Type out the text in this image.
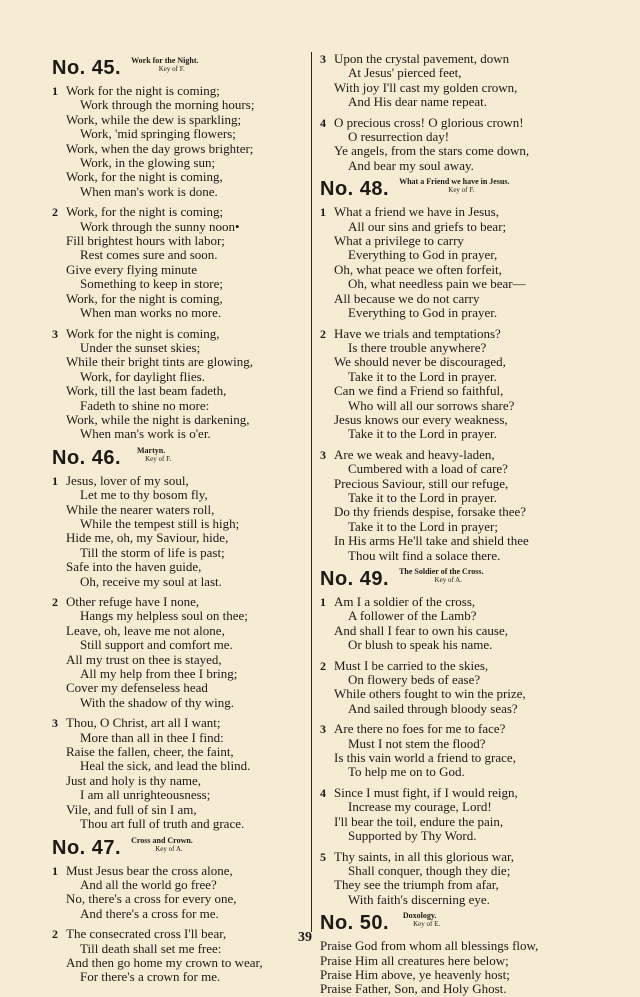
No. 45. Work for the Night.
Key of F.
1 Work for the night is coming;
Work through the morning hours;
Work, while the dew is sparkling;
Work, 'mid springing flowers;
Work, when the day grows brighter;
Work, in the glowing sun;
Work, for the night is coming,
When man's work is done.
2 Work, for the night is coming;
Work through the sunny noon•
Fill brightest hours with labor;
Rest comes sure and soon.
Give every flying minute
Something to keep in store;
Work, for the night is coming,
When man works no more.
3 Work for the night is coming,
Under the sunset skies;
While their bright tints are glowing,
Work, for daylight flies.
Work, till the last beam fadeth,
Fadeth to shine no more:
Work, while the night is darkening,
When man's work is o'er.
No. 46. Martyn.
Key of F.
1 Jesus, lover of my soul,
Let me to thy bosom fly,
While the nearer waters roll,
While the tempest still is high;
Hide me, oh, my Saviour, hide,
Till the storm of life is past;
Safe into the haven guide,
Oh, receive my soul at last.
2 Other refuge have I none,
Hangs my helpless soul on thee;
Leave, oh, leave me not alone,
Still support and comfort me.
All my trust on thee is stayed,
All my help from thee I bring;
Cover my defenseless head
With the shadow of thy wing.
3 Thou, O Christ, art all I want;
More than all in thee I find:
Raise the fallen, cheer, the faint,
Heal the sick, and lead the blind.
Just and holy is thy name,
I am all unrighteousness;
Vile, and full of sin I am,
Thou art full of truth and grace.
No. 47. Cross and Crown.
Key of A.
1 Must Jesus bear the cross alone,
And all the world go free?
No, there's a cross for every one,
And there's a cross for me.
2 The consecrated cross I'll bear,
Till death shall set me free:
And then go home my crown to wear,
For there's a crown for me.
3 Upon the crystal pavement, down
At Jesus' pierced feet,
With joy I'll cast my golden crown,
And His dear name repeat.
4 O precious cross! O glorious crown!
O resurrection day!
Ye angels, from the stars come down,
And bear my soul away.
No. 48. What a Friend we have in Jesus.
Key of F.
1 What a friend we have in Jesus,
All our sins and griefs to bear;
What a privilege to carry
Everything to God in prayer,
Oh, what peace we often forfeit,
Oh, what needless pain we bear—
All because we do not carry
Everything to God in prayer.
2 Have we trials and temptations?
Is there trouble anywhere?
We should never be discouraged,
Take it to the Lord in prayer.
Can we find a Friend so faithful,
Who will all our sorrows share?
Jesus knows our every weakness,
Take it to the Lord in prayer.
3 Are we weak and heavy-laden,
Cumbered with a load of care?
Precious Saviour, still our refuge,
Take it to the Lord in prayer.
Do thy friends despise, forsake thee?
Take it to the Lord in prayer;
In His arms He'll take and shield thee
Thou wilt find a solace there.
No. 49. The Soldier of the Cross.
Key of A.
1 Am I a soldier of the cross,
A follower of the Lamb?
And shall I fear to own his cause,
Or blush to speak his name.
2 Must I be carried to the skies,
On flowery beds of ease?
While others fought to win the prize,
And sailed through bloody seas?
3 Are there no foes for me to face?
Must I not stem the flood?
Is this vain world a friend to grace,
To help me on to God.
4 Since I must fight, if I would reign,
Increase my courage, Lord!
I'll bear the toil, endure the pain,
Supported by Thy Word.
5 Thy saints, in all this glorious war,
Shall conquer, though they die;
They see the triumph from afar,
With faith's discerning eye.
No. 50. Doxology.
Key of E.
Praise God from whom all blessings flow,
Praise Him all creatures here below;
Praise Him above, ye heavenly host;
Praise Father, Son, and Holy Ghost.
39
